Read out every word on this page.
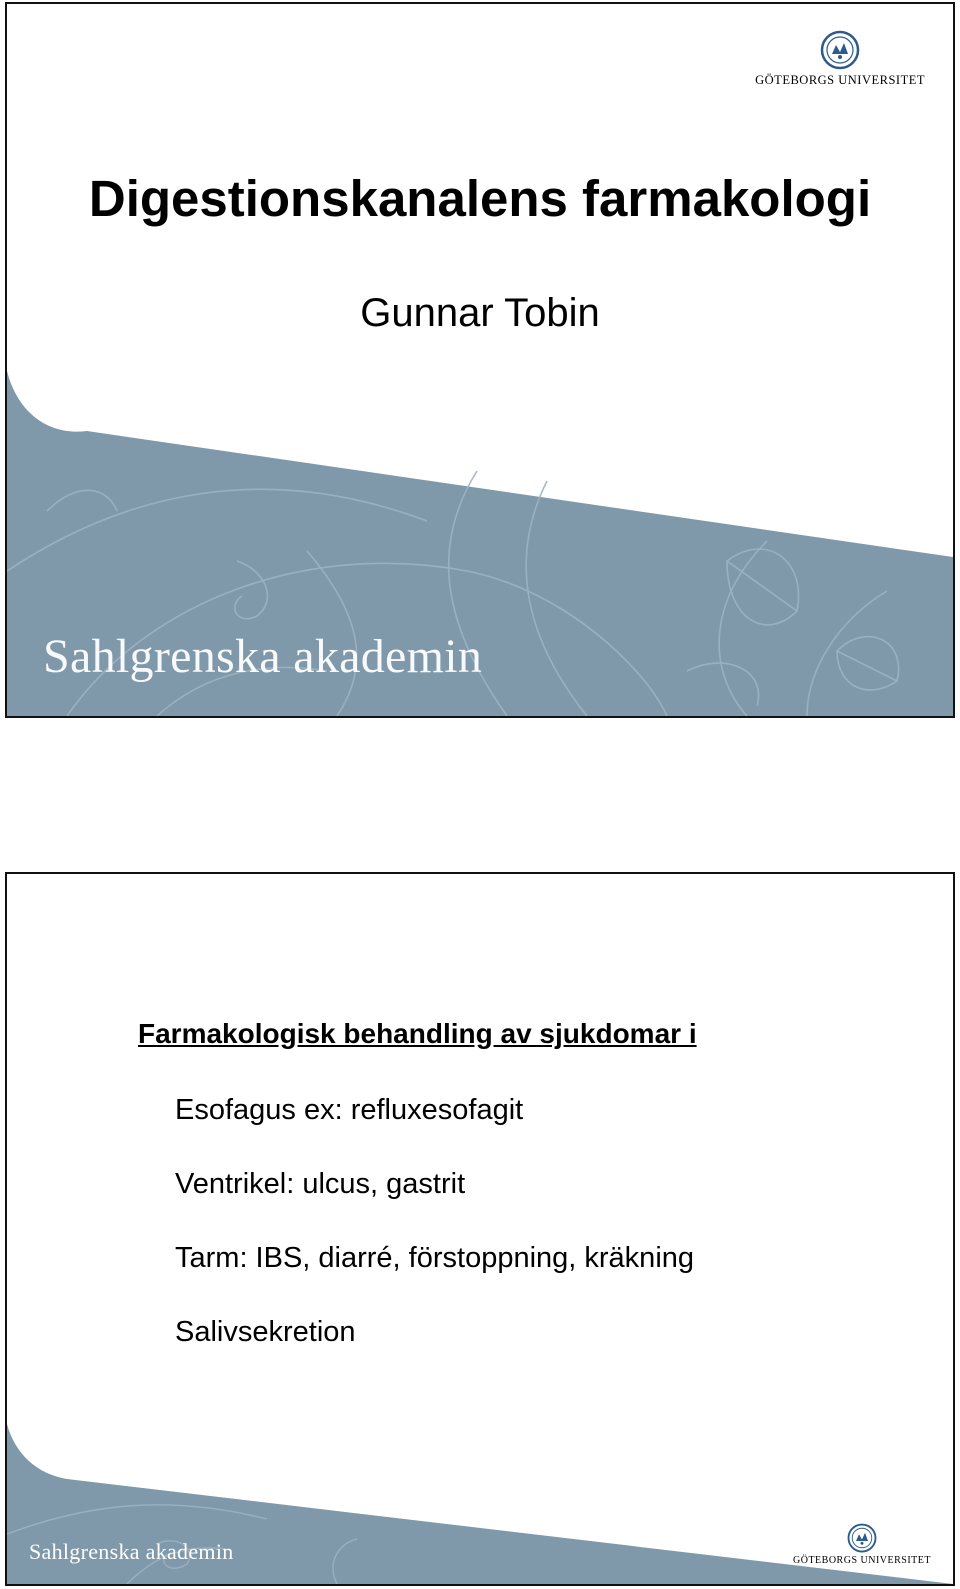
GÖTEBORGS UNIVERSITET
Digestionskanalens farmakologi
Gunnar Tobin
Sahlgrenska akademin
Farmakologisk behandling av sjukdomar i
Esofagus ex: refluxesofagit
Ventrikel: ulcus, gastrit
Tarm: IBS, diarré, förstoppning, kräkning
Salivsekretion
Sahlgrenska akademin	GÖTEBORGS UNIVERSITET
